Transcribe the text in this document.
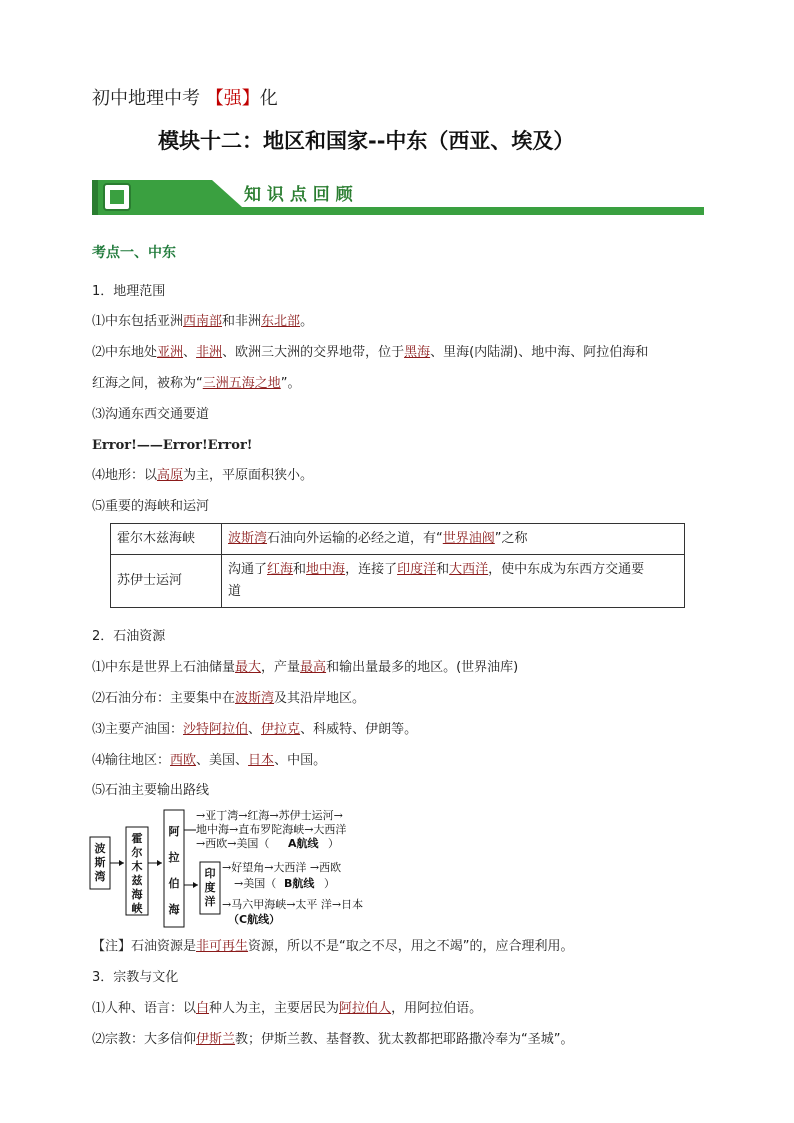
初中地理中考 【强】化
模块十二：地区和国家--中东（西亚、埃及）
知 识 点 回 顾
考点一、中东
1．地理范围
⑴中东包括亚洲西南部和非洲东北部。
⑵中东地处亚洲、非洲、欧洲三大洲的交界地带，位于黑海、里海(内陆湖)、地中海、阿拉伯海和
红海之间，被称为“三洲五海之地”。
⑶沟通东西交通要道
Error!——Error!Error!
⑷地形：以高原为主，平原面积狭小。
⑸重要的海峡和运河
霍尔木兹海峡	波斯湾石油向外运输的必经之道，有“世界油阀”之称
苏伊士运河	沟通了红海和地中海，连接了印度洋和大西洋，使中东成为东西方交通要
道
2．石油资源
⑴中东是世界上石油储量最大，产量最高和输出量最多的地区。(世界油库)
⑵石油分布：主要集中在波斯湾及其沿岸地区。
⑶主要产油国：沙特阿拉伯、伊拉克、科威特、伊朗等。
⑷输往地区：西欧、美国、日本、中国。
⑸石油主要输出路线
波
斯
湾
霍
尔
木
兹
海
峡
阿
拉
伯
海
→亚丁湾→红海→苏伊士运河→
地中海→直布罗陀海峡→大西洋
→西欧→美国（ A航线 ）
印
度
洋
→好望角→大西洋 →西欧
→美国（ B航线 ）
→马六甲海峡→太平 洋→日本
（C航线）
【注】石油资源是非可再生资源，所以不是“取之不尽，用之不竭”的，应合理利用。
3．宗教与文化
⑴人种、语言：以白种人为主，主要居民为阿拉伯人，用阿拉伯语。
⑵宗教：大多信仰伊斯兰教；伊斯兰教、基督教、犹太教都把耶路撒冷奉为“圣城”。
